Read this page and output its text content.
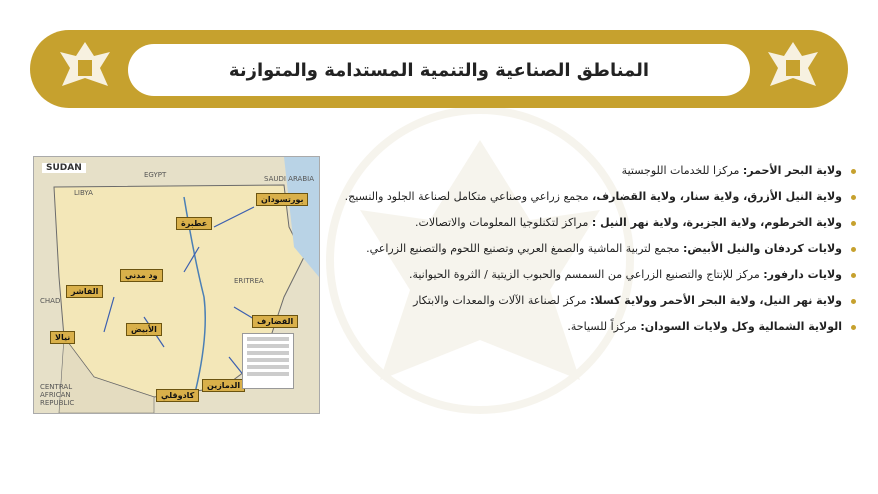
المناطق الصناعية والتنمية المستدامة والمتوازنة
SUDAN
EGYPT
LIBYA
SAUDI ARABIA
ERITREA
CHAD
CENTRAL AFRICAN REPUBLIC
بورتسودان
عطبرة
ود مدني
الفاشر
الأبيض
نيالا
القضارف
الدمازين
كادوقلي
ولاية البحر الأحمر: مركزا للخدمات اللوجستية
ولاية النيل الأزرق، ولاية سنار، ولاية القضارف، مجمع زراعي وصناعي متكامل لصناعة الجلود والنسيج.
ولاية الخرطوم، ولاية الجزيرة، ولاية نهر النيل : مراكز لتكنلوجيا المعلومات والاتصالات.
ولايات كردفان والنيل الأبيض: مجمع لتربية الماشية والصمغ العربي وتصنيع اللحوم والتصنيع الزراعي.
ولايات دارفور: مركز للإنتاج والتصنيع الزراعي من السمسم والحبوب الزيتية / الثروة الحيوانية.
ولاية نهر النيل، ولاية البحر الأحمر وولاية كسلا: مركز لصناعة الآلات والمعدات والابتكار
الولاية الشمالية وكل ولايات السودان: مركزاً للسياحة.
